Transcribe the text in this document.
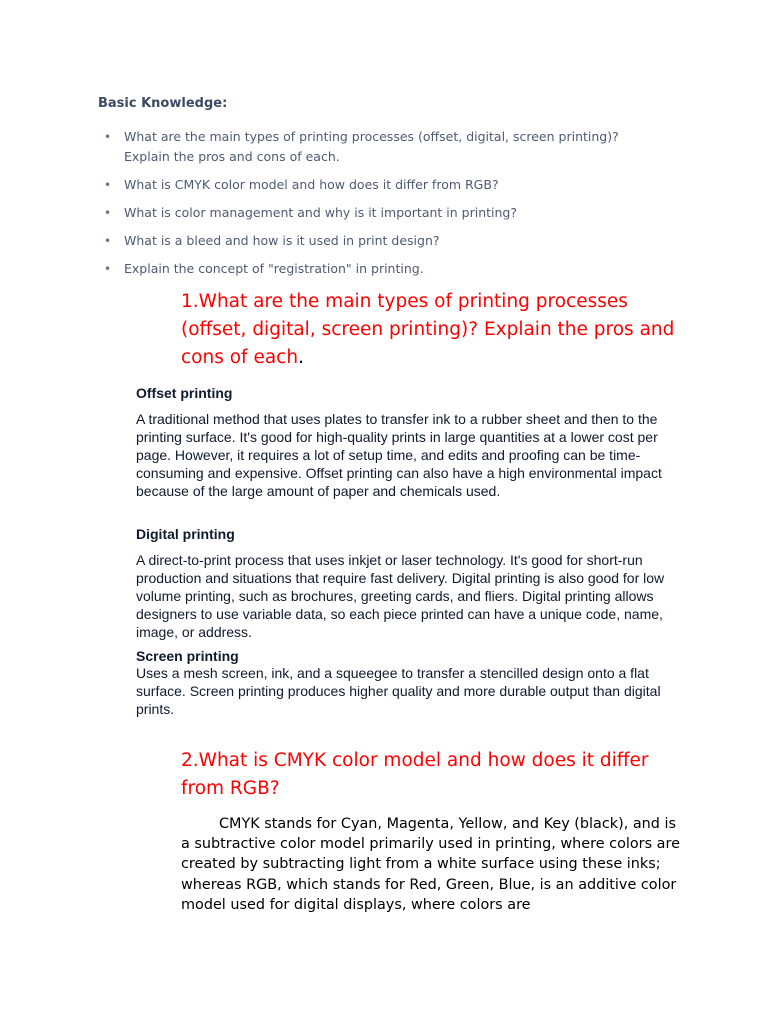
Basic Knowledge:
• What are the main types of printing processes (offset, digital, screen printing)? Explain the pros and cons of each.
• What is CMYK color model and how does it differ from RGB?
• What is color management and why is it important in printing?
• What is a bleed and how is it used in print design?
• Explain the concept of "registration" in printing.
1.What are the main types of printing processes (offset, digital, screen printing)? Explain the pros and cons of each.
Offset printing

A traditional method that uses plates to transfer ink to a rubber sheet and then to the printing surface. It's good for high-quality prints in large quantities at a lower cost per page. However, it requires a lot of setup time, and edits and proofing can be time-consuming and expensive. Offset printing can also have a high environmental impact because of the large amount of paper and chemicals used.

Digital printing

A direct-to-print process that uses inkjet or laser technology. It's good for short-run production and situations that require fast delivery. Digital printing is also good for low volume printing, such as brochures, greeting cards, and fliers. Digital printing allows designers to use variable data, so each piece printed can have a unique code, name, image, or address.

Screen printing

Uses a mesh screen, ink, and a squeegee to transfer a stencilled design onto a flat surface. Screen printing produces higher quality and more durable output than digital prints.

2.What is CMYK color model and how does it differ from RGB?

CMYK stands for Cyan, Magenta, Yellow, and Key (black), and is a subtractive color model primarily used in printing, where colors are created by subtracting light from a white surface using these inks; whereas RGB, which stands for Red, Green, Blue, is an additive color model used for digital displays, where colors are
